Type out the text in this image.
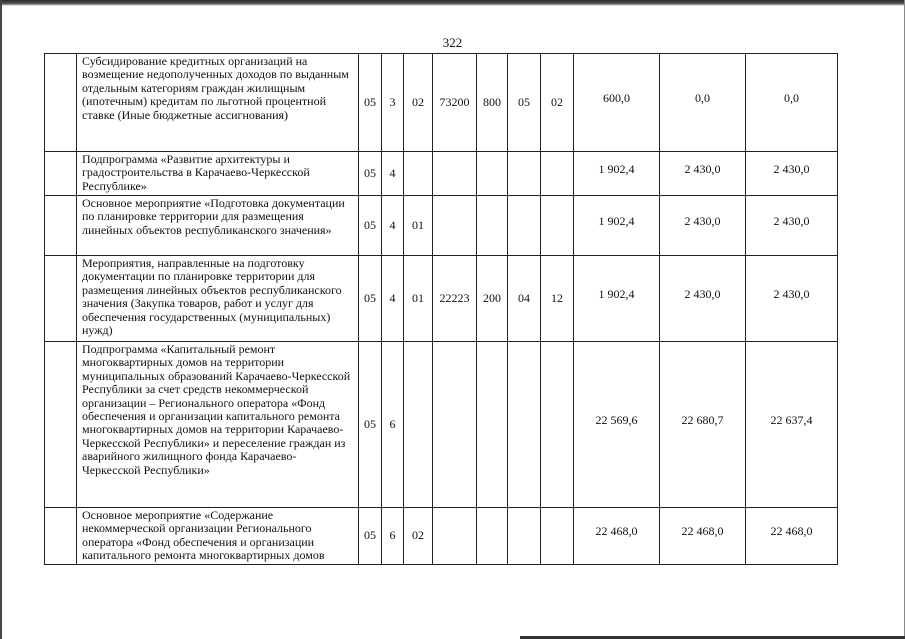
322
	Субсидирование кредитных организаций на возмещение недополученных доходов по выданным отдельным категориям граждан жилищным (ипотечным) кредитам по льготной процентной ставке (Иные бюджетные ассигнования)	05	3	02	73200	800	05	02	600,0	0,0	0,0
	Подпрограмма «Развитие архитектуры и градостроительства в Карачаево-Черкесской Республике»	05	4						1 902,4	2 430,0	2 430,0
	Основное мероприятие «Подготовка документации по планировке территории для размещения линейных объектов республиканского значения»	05	4	01					1 902,4	2 430,0	2 430,0
	Мероприятия, направленные на подготовку документации по планировке территории для размещения линейных объектов республиканского значения (Закупка товаров, работ и услуг для обеспечения государственных (муниципальных) нужд)	05	4	01	22223	200	04	12	1 902,4	2 430,0	2 430,0
	Подпрограмма «Капитальный ремонт многоквартирных домов на территории муниципальных образований Карачаево-Черкесской Республики за счет средств некоммерческой организации – Регионального оператора «Фонд обеспечения и организации капитального ремонта многоквартирных домов на территории Карачаево-Черкесской Республики» и переселение граждан из аварийного жилищного фонда Карачаево-Черкесской Республики»	05	6						22 569,6	22 680,7	22 637,4
	Основное мероприятие «Содержание некоммерческой организации Регионального оператора «Фонд обеспечения и организации капитального ремонта многоквартирных домов	05	6	02					22 468,0	22 468,0	22 468,0
